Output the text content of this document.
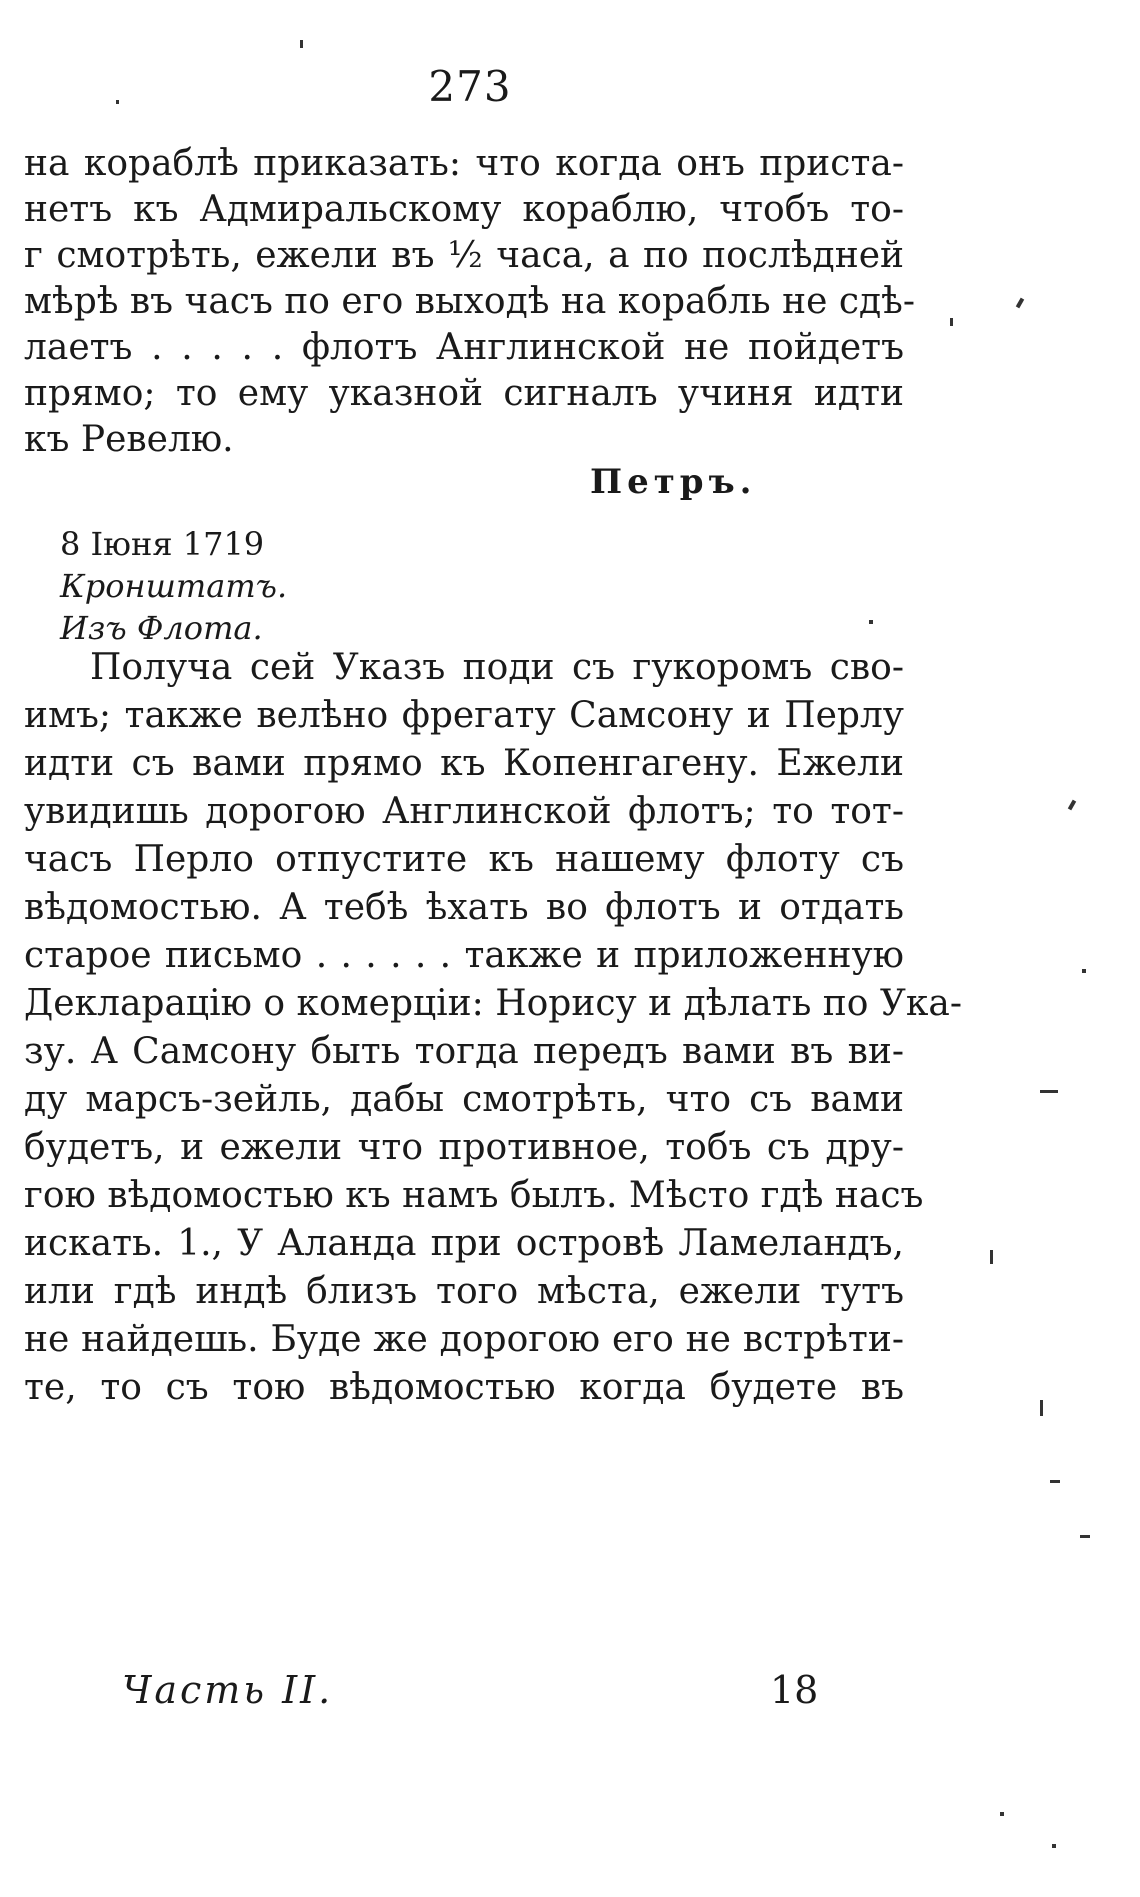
273
на кораблѣ приказать: что когда онъ приста-
нетъ къ Адмиральскому кораблю, чтобъ то-
г смотрѣть, ежели въ ½ часа, а по послѣдней
мѣрѣ въ часъ по его выходѣ на корабль не сдѣ-
лаетъ . . . . . флотъ Англинской не пойдетъ
прямо; то ему указной сигналъ учиня идти
къ Ревелю.
Петръ.
8 Іюня 1719
Кронштатъ.
Изъ Флота.
Получа сей Указъ поди съ гукоромъ сво-
имъ; также велѣно фрегату Самсону и Перлу
идти съ вами прямо къ Копенгагену. Ежели
увидишь дорогою Англинской флотъ; то тот-
часъ Перло отпустите къ нашему флоту съ
вѣдомостью. А тебѣ ѣхать во флотъ и отдать
старое письмо . . . . . . также и приложенную
Декларацію о комерціи: Норису и дѣлать по Ука-
зу. А Самсону быть тогда передъ вами въ ви-
ду марсъ-зейль, дабы смотрѣть, что съ вами
будетъ, и ежели что противное, тобъ съ дру-
гою вѣдомостью къ намъ былъ. Мѣсто гдѣ насъ
искать. 1., У Аланда при островѣ Ламеландъ,
или гдѣ индѣ близъ того мѣста, ежели тутъ
не найдешь. Буде же дорогою его не встрѣти-
те, то съ тою вѣдомостью когда будете въ
Часть II.	18
